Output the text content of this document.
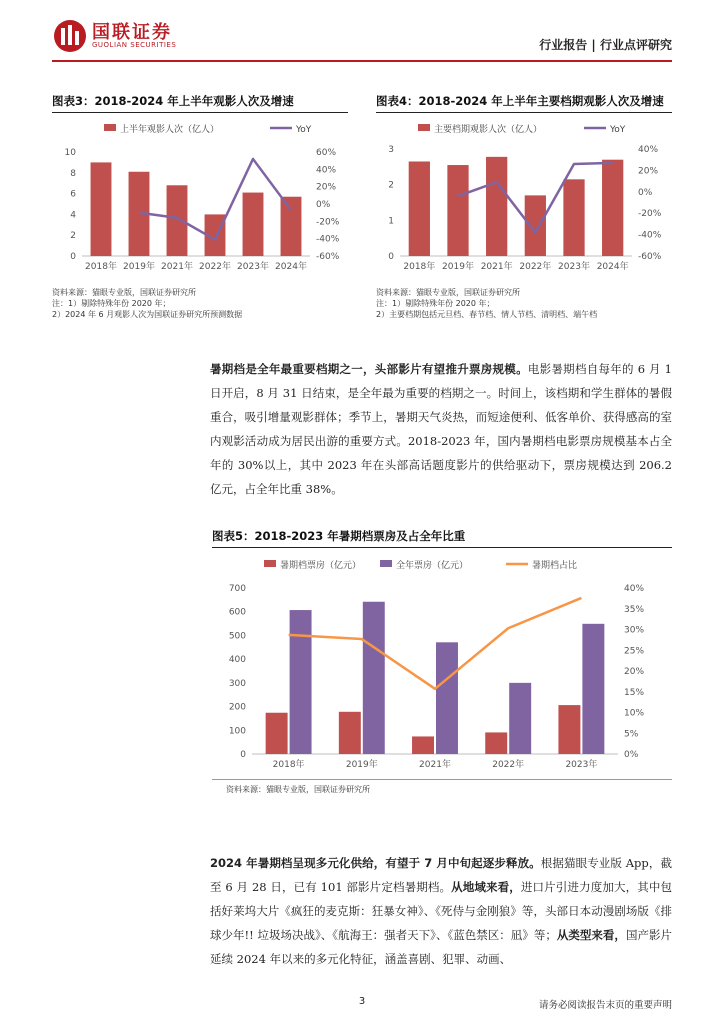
国联证券
GUOLIAN SECURITIES	行业报告 | 行业点评研究
图表3：2018-2024 年上半年观影人次及增速
上半年观影人次（亿人）	YoY
0
2
4
6
8
10
-60%
-40%
-20%
0%
20%
40%
60%
2018年 2019年 2021年 2022年 2023年 2024年
资料来源：猫眼专业版，国联证券研究所
注：1）剔除特殊年份 2020 年；
2）2024 年 6 月观影人次为国联证券研究所预测数据
图表4：2018-2024 年上半年主要档期观影人次及增速
主要档期观影人次（亿人）	YoY
0
1
2
3
-60%
-40%
-20%
0%
20%
40%
2018年 2019年 2021年 2022年 2023年 2024年
资料来源：猫眼专业版，国联证券研究所
注：1）剔除特殊年份 2020 年；
2）主要档期包括元旦档、春节档、情人节档、清明档、端午档
暑期档是全年最重要档期之一，头部影片有望推升票房规模。电影暑期档自每年的 6 月 1 日开启，8 月 31 日结束，是全年最为重要的档期之一。时间上，该档期和学生群体的暑假重合，吸引增量观影群体；季节上，暑期天气炎热，而短途便利、低客单价、获得感高的室内观影活动成为居民出游的重要方式。2018-2023 年，国内暑期档电影票房规模基本占全年的 30%以上，其中 2023 年在头部高话题度影片的供给驱动下，票房规模达到 206.2 亿元，占全年比重 38%。
图表5：2018-2023 年暑期档票房及占全年比重
暑期档票房（亿元）	全年票房（亿元）	暑期档占比
0
100
200
300
400
500
600
700
0%
5%
10%
15%
20%
25%
30%
35%
40%
2018年	2019年	2021年	2022年	2023年
资料来源：猫眼专业版，国联证券研究所
2024 年暑期档呈现多元化供给，有望于 7 月中旬起逐步释放。根据猫眼专业版 App，截至 6 月 28 日，已有 101 部影片定档暑期档。从地域来看，进口片引进力度加大，其中包括好莱坞大片《疯狂的麦克斯：狂暴女神》、《死侍与金刚狼》等，头部日本动漫剧场版《排球少年!! 垃圾场决战》、《航海王：强者天下》、《蓝色禁区：凪》等；从类型来看，国产影片延续 2024 年以来的多元化特征，涵盖喜剧、犯罪、动画、
3	请务必阅读报告末页的重要声明
